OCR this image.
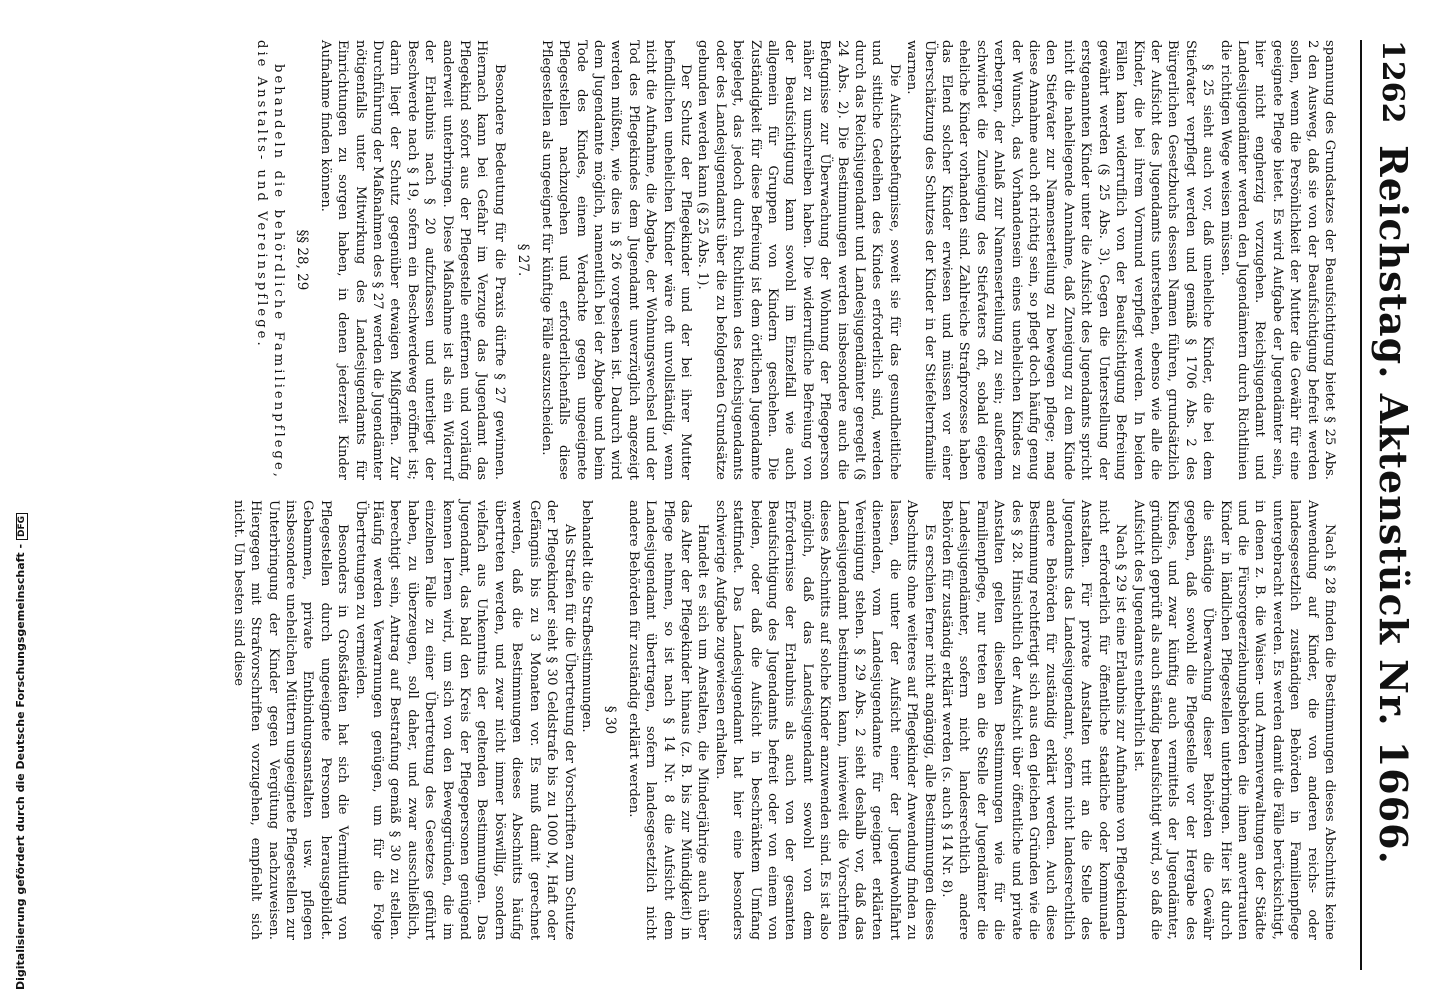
1262
Reichstag. Aktenstück Nr. 1666.

spannung des Grundsatzes der Beaufsichtigung bietet § 25 Abs. 2 den Ausweg, daß sie von der Beaufsichtigung befreit werden sollen, wenn die Persönlichkeit der Mutter die Gewähr für eine geeignete Pflege bietet. Es wird Aufgabe der Jugendämter sein, hier nicht engherzig vorzugehen. Reichsjugendamt und Landesjugendämter werden den Jugendämtern durch Richtlinien die richtigen Wege weisen müssen.

§ 25 sieht auch vor, daß uneheliche Kinder, die bei dem Stiefvater verpflegt werden und gemäß § 1706 Abs. 2 des Bürgerlichen Gesetzbuchs dessen Namen führen, grundsätzlich der Aufsicht des Jugendamts unterstehen, ebenso wie alle die Kinder, die bei ihrem Vormund verpflegt werden. In beiden Fällen kann widerruflich von der Beaufsichtigung Befreiung gewährt werden (§ 25 Abs. 3). Gegen die Unterstellung der erstgenannten Kinder unter die Aufsicht des Jugendamts spricht nicht die naheliegende Annahme, daß Zuneigung zu dem Kinde den Stiefvater zur Namenserteilung zu bewegen pflege; mag diese Annahme auch oft richtig sein, so pflegt doch häufig genug der Wunsch, das Vorhandensein eines unehelichen Kindes zu verbergen, der Anlaß zur Namenserteilung zu sein; außerdem schwindet die Zuneigung des Stiefvaters oft, sobald eigene eheliche Kinder vorhanden sind. Zahlreiche Strafprozesse haben das Elend solcher Kinder erwiesen und müssen vor einer Überschätzung des Schutzes der Kinder in der Stiefelternfamilie warnen.

Die Aufsichtsbefugnisse, soweit sie für das gesundheitliche und sittliche Gedeihen des Kindes erforderlich sind, werden durch das Reichsjugendamt und Landesjugendämter geregelt (§ 24 Abs. 2). Die Bestimmungen werden insbesondere auch die Befugnisse zur Überwachung der Wohnung der Pflegeperson näher zu umschreiben haben. Die widerrufliche Befreiung von der Beaufsichtigung kann sowohl im Einzelfall wie auch allgemein für Gruppen von Kindern geschehen. Die Zuständigkeit für diese Befreiung ist dem örtlichen Jugendamte beigelegt, das jedoch durch Richtlinien des Reichsjugendamts oder des Landesjugendamts über die zu befolgenden Grundsätze gebunden werden kann (§ 25 Abs. 1).

Der Schutz der Pflegekinder und der bei ihrer Mutter befindlichen unehelichen Kinder wäre oft unvollständig, wenn nicht die Aufnahme, die Abgabe, der Wohnungswechsel und der Tod des Pflegekindes dem Jugendamt unverzüglich angezeigt werden müßten, wie dies in § 26 vorgesehen ist. Dadurch wird dem Jugendamte möglich, namentlich bei der Abgabe und beim Tode des Kindes, einem Verdachte gegen ungeeignete Pflegestellen nachzugehen und erforderlichenfalls diese Pflegestellen als ungeeignet für künftige Fälle auszuscheiden.

§ 27.

Besondere Bedeutung für die Praxis dürfte § 27 gewinnen. Hiernach kann bei Gefahr im Verzuge das Jugendamt das Pflegekind sofort aus der Pflegestelle entfernen und vorläufig anderweit unterbringen. Diese Maßnahme ist als ein Widerruf der Erlaubnis nach § 20 aufzufassen und unterliegt der Beschwerde nach § 19, sofern ein Beschwerdeweg eröffnet ist; darin liegt der Schutz gegenüber etwaigen Mißgriffen. Zur Durchführung der Maßnahmen des § 27 werden die Jugendämter nötigenfalls unter Mitwirkung des Landesjugendamts für Einrichtungen zu sorgen haben, in denen jederzeit Kinder Aufnahme finden können.

§§ 28, 29

behandeln die behördliche Familienpflege, die Anstalts- und Vereinspflege.

Nach § 28 finden die Bestimmungen dieses Abschnitts keine Anwendung auf Kinder, die von anderen reichs- oder landesgesetzlich zuständigen Behörden in Familienpflege untergebracht werden. Es werden damit die Fälle berücksichtigt, in denen z. B. die Waisen- und Armenverwaltungen der Städte und die Fürsorgeerziehungsbehörden die ihnen anvertrauten Kinder in ländlichen Pflegestellen unterbringen. Hier ist durch die ständige Überwachung dieser Behörden die Gewähr gegeben, daß sowohl die Pflegestelle vor der Hergabe des Kindes, und zwar künftig auch vermittels der Jugendämter, gründlich geprüft als auch ständig beaufsichtigt wird, so daß die Aufsicht des Jugendamts entbehrlich ist.

Nach § 29 ist eine Erlaubnis zur Aufnahme von Pflegekindern nicht erforderlich für öffentliche staatliche oder kommunale Anstalten. Für private Anstalten tritt an die Stelle des Jugendamts das Landesjugendamt, sofern nicht landesrechtlich andere Behörden für zuständig erklärt werden. Auch diese Bestimmung rechtfertigt sich aus den gleichen Gründen wie die des § 28. Hinsichtlich der Aufsicht über öffentliche und private Anstalten gelten dieselben Bestimmungen wie für die Familienpflege, nur treten an die Stelle der Jugendämter die Landesjugendämter, sofern nicht landesrechtlich andere Behörden für zuständig erklärt werden (s. auch § 14 Nr. 8).

Es erschien ferner nicht angängig, alle Bestimmungen dieses Abschnitts ohne weiteres auf Pflegekinder Anwendung finden zu lassen, die unter der Aufsicht einer der Jugendwohlfahrt dienenden, vom Landesjugendamte für geeignet erklärten Vereinigung stehen. § 29 Abs. 2 sieht deshalb vor, daß das Landesjugendamt bestimmen kann, inwieweit die Vorschriften dieses Abschnitts auf solche Kinder anzuwenden sind. Es ist also möglich, daß das Landesjugendamt sowohl von dem Erfordernisse der Erlaubnis als auch von der gesamten Beaufsichtigung des Jugendamts befreit oder von einem von beiden, oder daß die Aufsicht in beschränktem Umfang stattfindet. Das Landesjugendamt hat hier eine besonders schwierige Aufgabe zugewiesen erhalten.

Handelt es sich um Anstalten, die Minderjährige auch über das Alter der Pflegekinder hinaus (z. B. bis zur Mündigkeit) in Pflege nehmen, so ist nach § 14 Nr. 8 die Aufsicht dem Landesjugendamt übertragen, sofern landesgesetzlich nicht andere Behörden für zuständig erklärt werden.

§ 30

behandelt die Strafbestimmungen.

Als Strafen für die Übertretung der Vorschriften zum Schutze der Pflegekinder sieht § 30 Geldstrafe bis zu 1000 M, Haft oder Gefängnis bis zu 3 Monaten vor. Es muß damit gerechnet werden, daß die Bestimmungen dieses Abschnitts häufig übertreten werden, und zwar nicht immer böswillig, sondern vielfach aus Unkenntnis der geltenden Bestimmungen. Das Jugendamt, das bald den Kreis der Pflegepersonen genügend kennen lernen wird, um sich von den Beweggründen, die im einzelnen Falle zu einer Übertretung des Gesetzes geführt haben, zu überzeugen, soll daher, und zwar ausschließlich, berechtigt sein, Antrag auf Bestrafung gemäß § 30 zu stellen. Häufig werden Verwarnungen genügen, um für die Folge Übertretungen zu vermeiden.

Besonders in Großstädten hat sich die Vermittlung von Pflegestellen durch ungeeignete Personen herausgebildet. Gebammen, private Entbindungsanstalten usw. pflegen insbesondere unehelichen Müttern ungeeignete Pflegestellen zur Unterbringung der Kinder gegen Vergütung nachzuweisen. Hiergegen mit Strafvorschriften vorzugehen, empfiehlt sich nicht. Um besten sind diese

Digitalisierung gefördert durch die Deutsche Forschungsgemeinschaft -DFG
